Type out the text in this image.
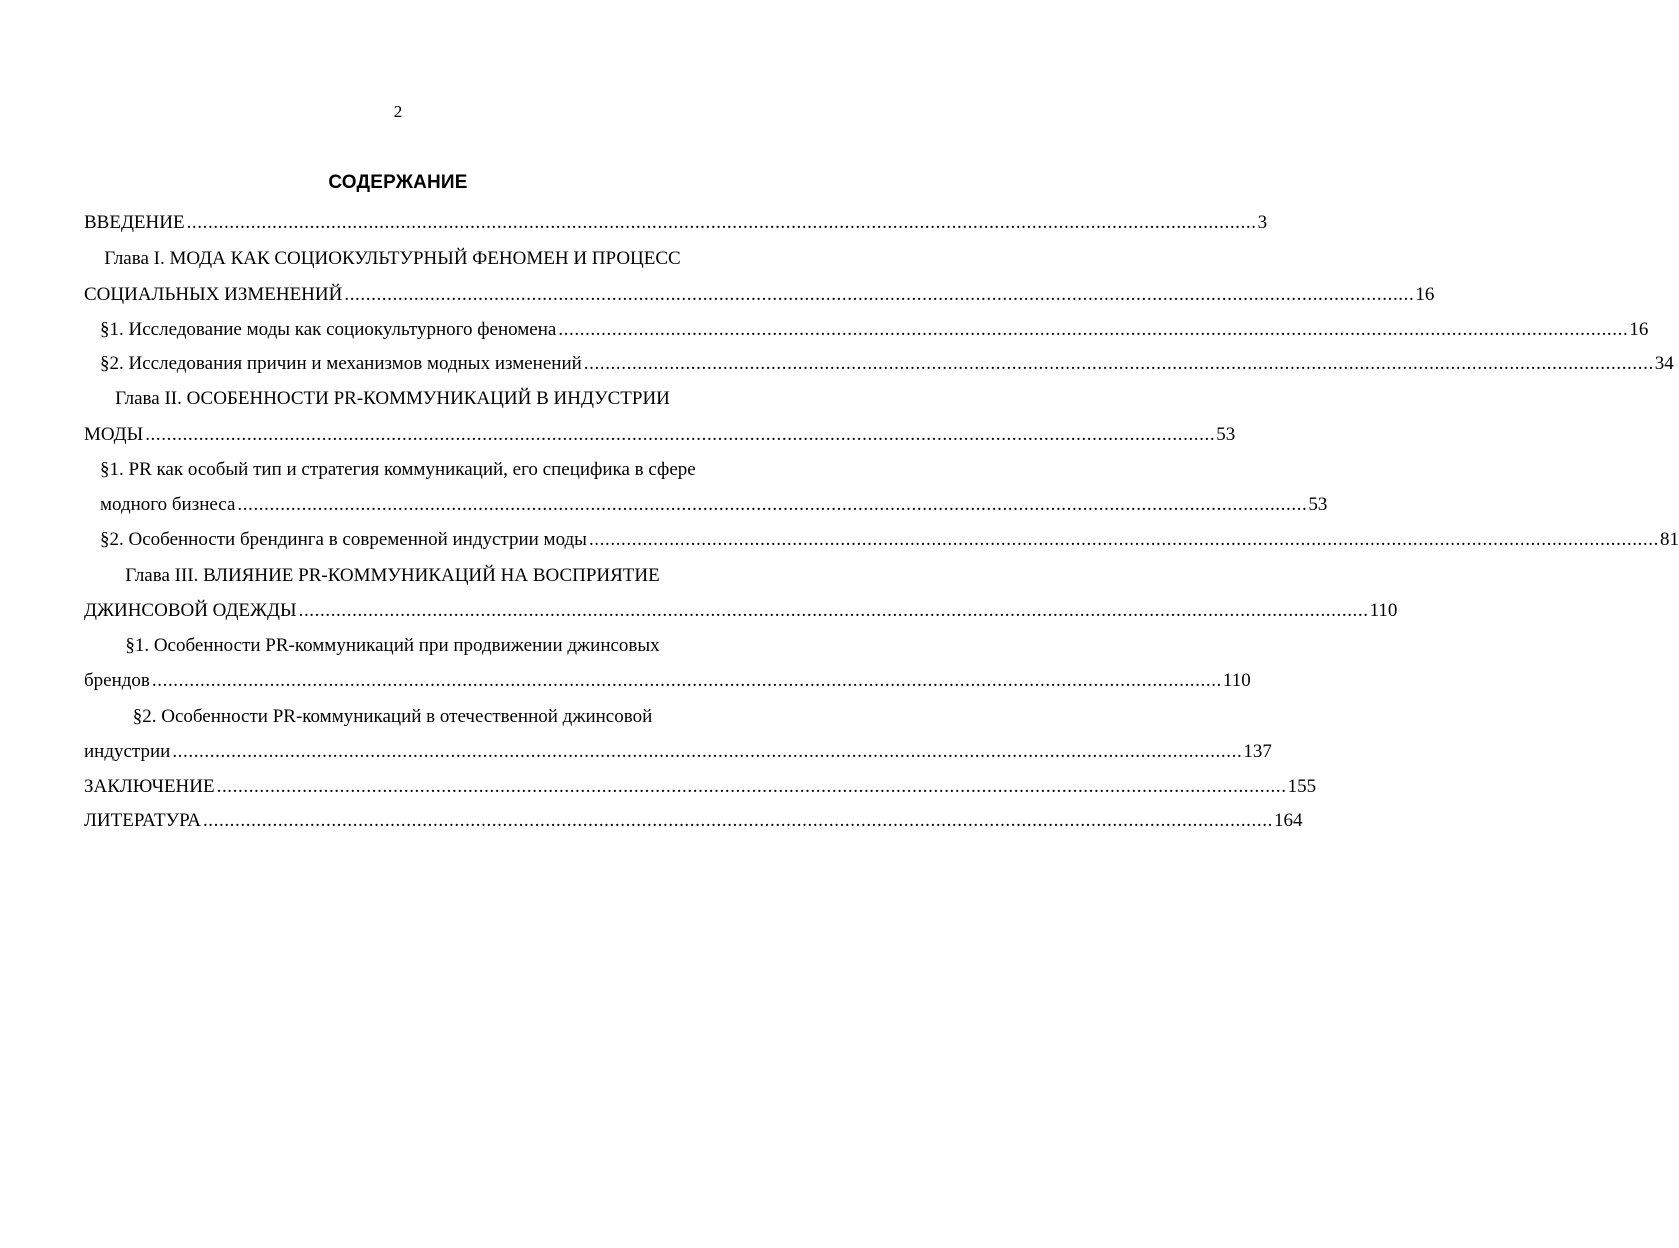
2
СОДЕРЖАНИЕ
ВВЕДЕНИЕ ........................................................................................................................................................................................................ 3
Глава I. МОДА КАК СОЦИОКУЛЬТУРНЫЙ ФЕНОМЕН И ПРОЦЕСС
СОЦИАЛЬНЫХ ИЗМЕНЕНИЙ ........................................................................................................................................................................................................ 16
§1. Исследование моды как социокультурного феномена ........................................................................................................................................................................................................ 16
§2. Исследования причин и механизмов модных изменений ........................................................................................................................................................................................................ 34
Глава II. ОСОБЕННОСТИ PR-КОММУНИКАЦИЙ В ИНДУСТРИИ
МОДЫ ........................................................................................................................................................................................................ 53
§1. PR как особый тип и стратегия коммуникаций, его специфика в сфере
модного бизнеса ........................................................................................................................................................................................................ 53
§2. Особенности брендинга в современной индустрии моды ........................................................................................................................................................................................................ 81
Глава III. ВЛИЯНИЕ PR-КОММУНИКАЦИЙ НА ВОСПРИЯТИЕ
ДЖИНСОВОЙ ОДЕЖДЫ ........................................................................................................................................................................................................ 110
§1. Особенности PR-коммуникаций при продвижении джинсовых
брендов ........................................................................................................................................................................................................ 110
§2. Особенности PR-коммуникаций в отечественной джинсовой
индустрии ........................................................................................................................................................................................................ 137
ЗАКЛЮЧЕНИЕ ........................................................................................................................................................................................................ 155
ЛИТЕРАТУРА ........................................................................................................................................................................................................ 164
